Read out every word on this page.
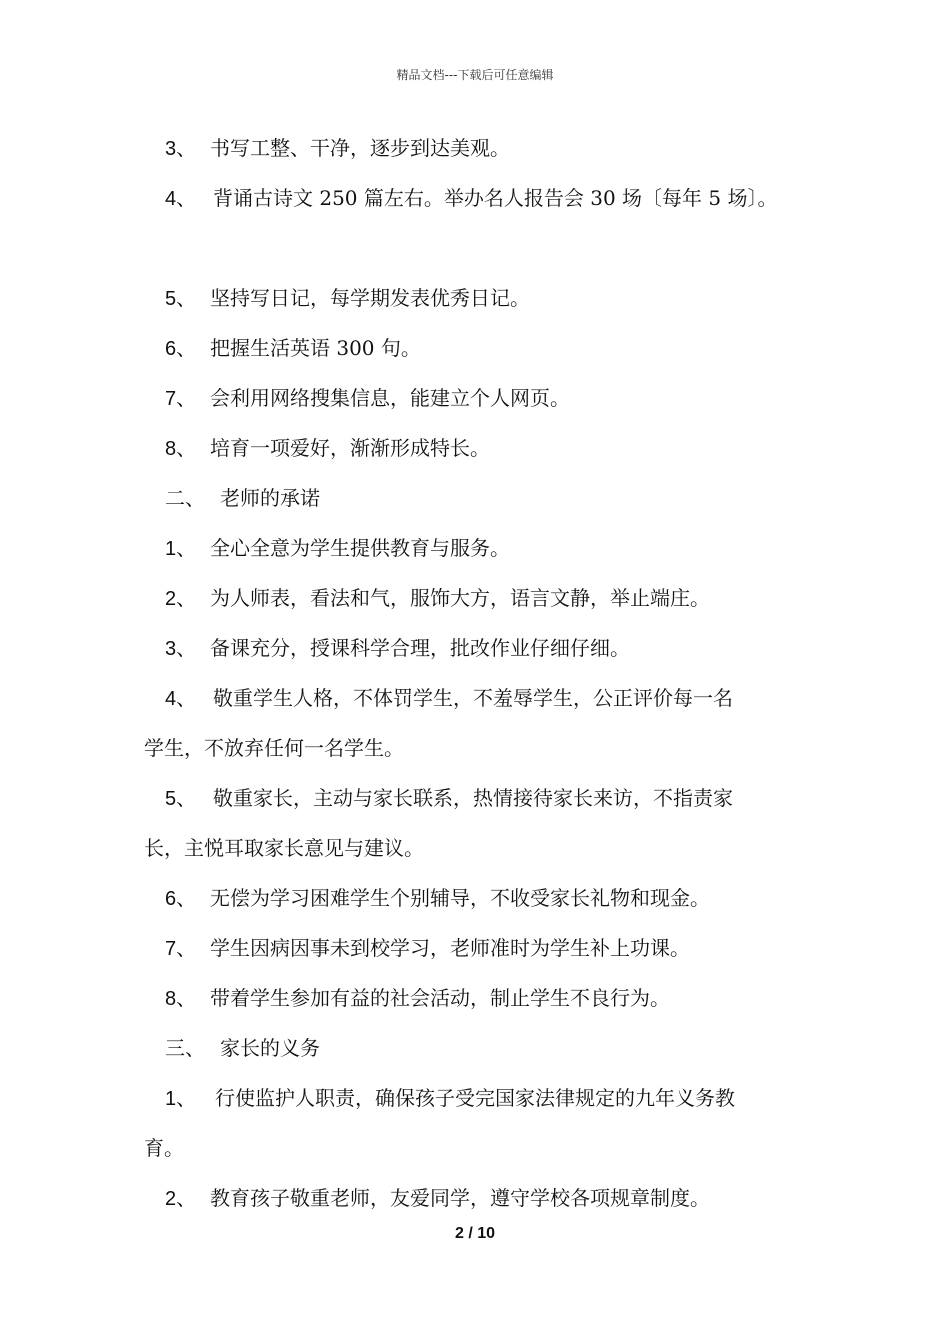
精品文档---下载后可任意编辑
3、 书写工整、干净，逐步到达美观。
4、 背诵古诗文 250 篇左右。举办名人报告会 30 场〔每年 5 场〕。
5、 坚持写日记，每学期发表优秀日记。
6、 把握生活英语 300 句。
7、 会利用网络搜集信息，能建立个人网页。
8、 培育一项爱好，渐渐形成特长。
二、 老师的承诺
1、 全心全意为学生提供教育与服务。
2、 为人师表，看法和气，服饰大方，语言文静，举止端庄。
3、 备课充分，授课科学合理，批改作业仔细仔细。
4、 敬重学生人格，不体罚学生，不羞辱学生，公正评价每一名
学生，不放弃任何一名学生。
5、 敬重家长，主动与家长联系，热情接待家长来访，不指责家
长，主悦耳取家长意见与建议。
6、 无偿为学习困难学生个别辅导，不收受家长礼物和现金。
7、 学生因病因事未到校学习，老师准时为学生补上功课。
8、 带着学生参加有益的社会活动，制止学生不良行为。
三、 家长的义务
1、 行使监护人职责，确保孩子受完国家法律规定的九年义务教
育。
2、 教育孩子敬重老师，友爱同学，遵守学校各项规章制度。
2 / 10
